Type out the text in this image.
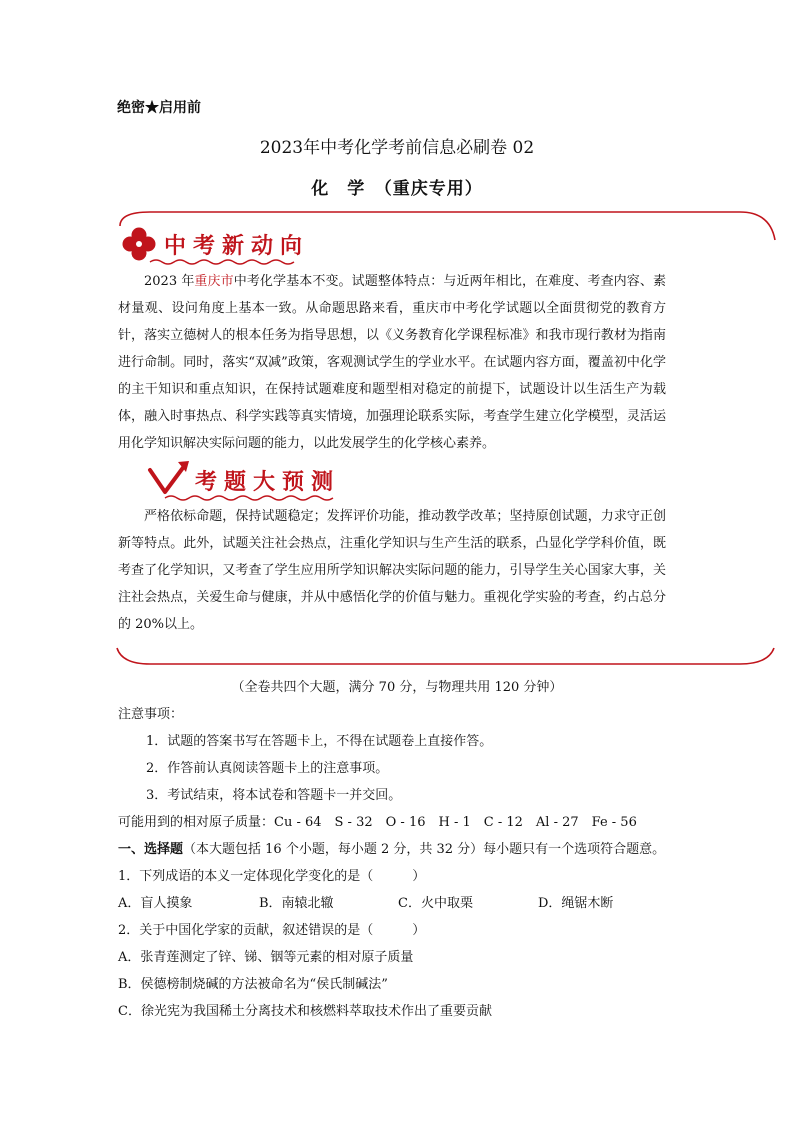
绝密★启用前
2023年中考化学考前信息必刷卷 02
化　学　（重庆专用）
中考新动向
2023 年重庆市中考化学基本不变。试题整体特点：与近两年相比，在难度、考查内容、素材量观、设问角度上基本一致。从命题思路来看，重庆市中考化学试题以全面贯彻党的教育方针，落实立德树人的根本任务为指导思想，以《义务教育化学课程标准》和我市现行教材为指南进行命制。同时，落实“双减”政策，客观测试学生的学业水平。在试题内容方面，覆盖初中化学的主干知识和重点知识，在保持试题难度和题型相对稳定的前提下，试题设计以生活生产为载体，融入时事热点、科学实践等真实情境，加强理论联系实际，考查学生建立化学模型，灵活运用化学知识解决实际问题的能力，以此发展学生的化学核心素养。
考题大预测
严格依标命题，保持试题稳定；发挥评价功能，推动教学改革；坚持原创试题，力求守正创新等特点。此外，试题关注社会热点，注重化学知识与生产生活的联系，凸显化学学科价值，既考查了化学知识，又考查了学生应用所学知识解决实际问题的能力，引导学生关心国家大事，关注社会热点，关爱生命与健康，并从中感悟化学的价值与魅力。重视化学实验的考查，约占总分的 20%以上。
（全卷共四个大题，满分 70 分，与物理共用 120 分钟）
注意事项：
1．试题的答案书写在答题卡上，不得在试题卷上直接作答。
2．作答前认真阅读答题卡上的注意事项。
3．考试结束，将本试卷和答题卡一并交回。
可能用到的相对原子质量：Cu - 64　S - 32　O - 16　H - 1　C - 12　Al - 27　Fe - 56
一、选择题（本大题包括 16 个小题，每小题 2 分，共 32 分）每小题只有一个选项符合题意。
1．下列成语的本义一定体现化学变化的是（　　　）
A．盲人摸象	B．南辕北辙	C．火中取栗	D．绳锯木断
2．关于中国化学家的贡献，叙述错误的是（　　　）
A．张青莲测定了锌、锑、铟等元素的相对原子质量
B．侯德榜制烧碱的方法被命名为“侯氏制碱法”
C．徐光宪为我国稀土分离技术和核燃料萃取技术作出了重要贡献
